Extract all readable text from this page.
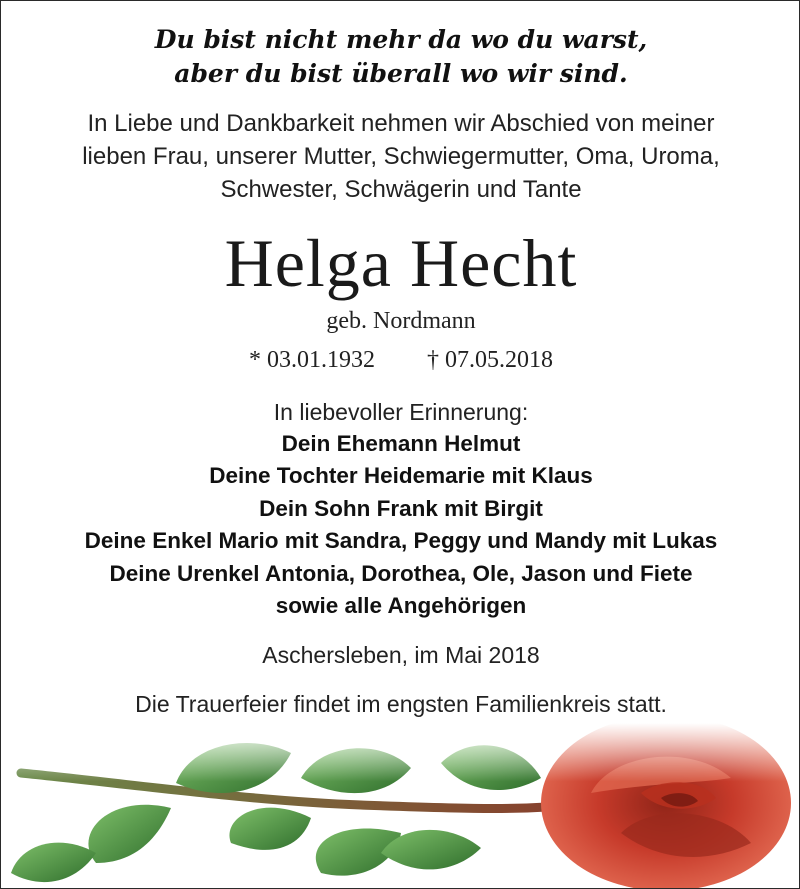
Du bist nicht mehr da wo du warst,
aber du bist überall wo wir sind.
In Liebe und Dankbarkeit nehmen wir Abschied von meiner
lieben Frau, unserer Mutter, Schwiegermutter, Oma, Uroma,
Schwester, Schwägerin und Tante
Helga Hecht
geb. Nordmann
* 03.01.1932 † 07.05.2018
In liebevoller Erinnerung:
Dein Ehemann Helmut
Deine Tochter Heidemarie mit Klaus
Dein Sohn Frank mit Birgit
Deine Enkel Mario mit Sandra, Peggy und Mandy mit Lukas
Deine Urenkel Antonia, Dorothea, Ole, Jason und Fiete
sowie alle Angehörigen
Aschersleben, im Mai 2018
Die Trauerfeier findet im engsten Familienkreis statt.
